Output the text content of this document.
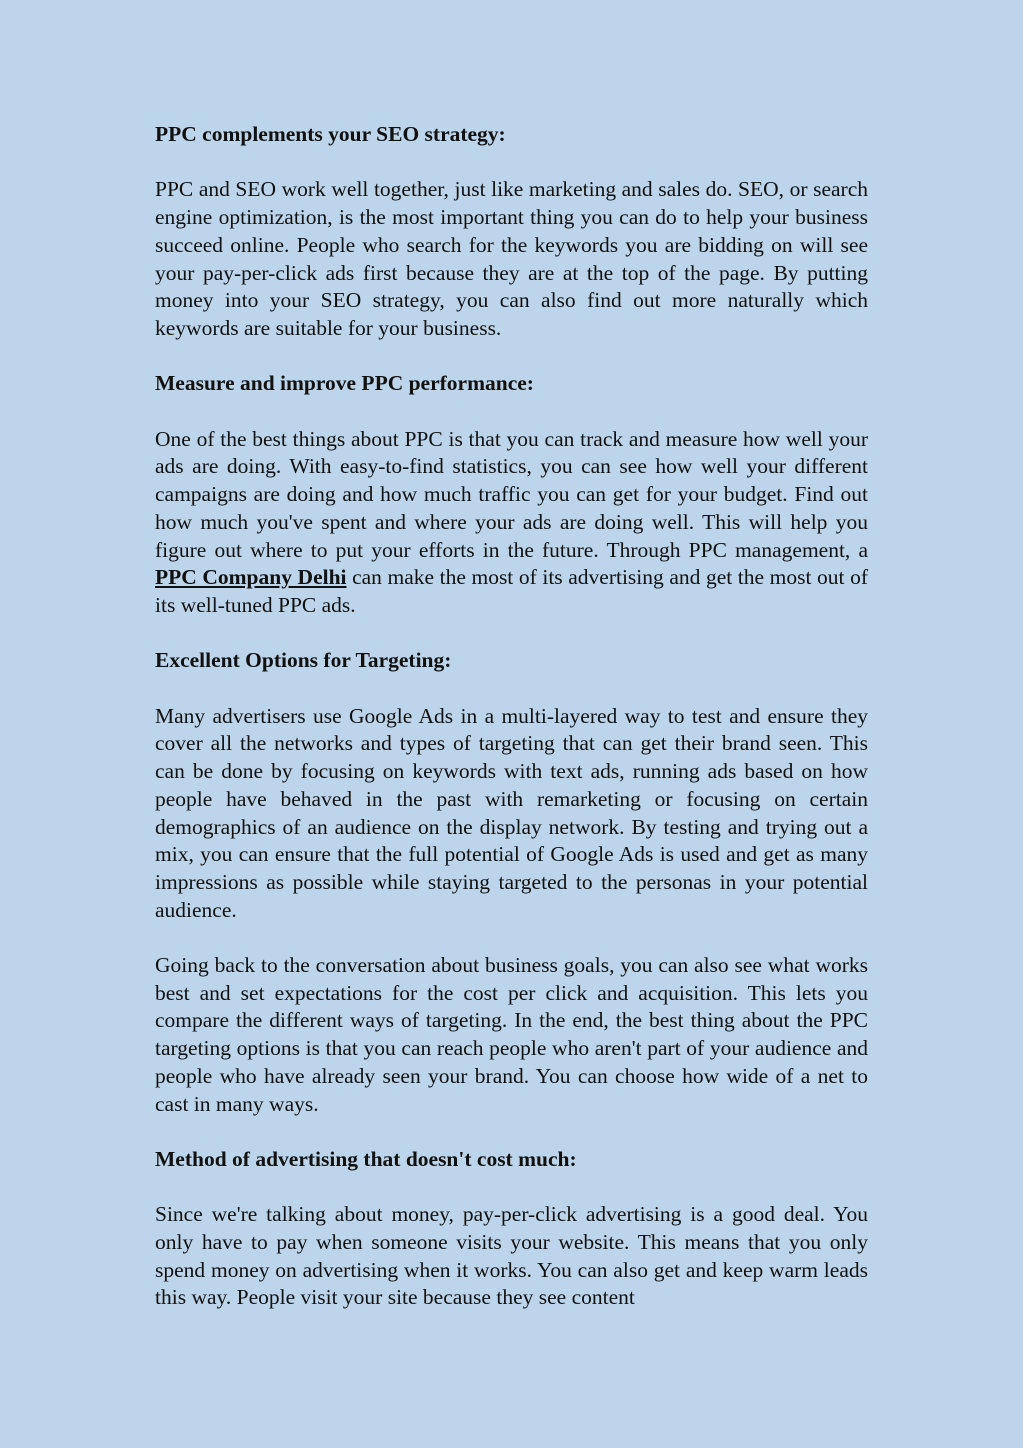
PPC complements your SEO strategy:
PPC and SEO work well together, just like marketing and sales do. SEO, or search engine optimization, is the most important thing you can do to help your business succeed online. People who search for the keywords you are bidding on will see your pay-per-click ads first because they are at the top of the page. By putting money into your SEO strategy, you can also find out more naturally which keywords are suitable for your business.
Measure and improve PPC performance:
One of the best things about PPC is that you can track and measure how well your ads are doing. With easy-to-find statistics, you can see how well your different campaigns are doing and how much traffic you can get for your budget. Find out how much you've spent and where your ads are doing well. This will help you figure out where to put your efforts in the future. Through PPC management, a PPC Company Delhi can make the most of its advertising and get the most out of its well-tuned PPC ads.
Excellent Options for Targeting:
Many advertisers use Google Ads in a multi-layered way to test and ensure they cover all the networks and types of targeting that can get their brand seen. This can be done by focusing on keywords with text ads, running ads based on how people have behaved in the past with remarketing or focusing on certain demographics of an audience on the display network. By testing and trying out a mix, you can ensure that the full potential of Google Ads is used and get as many impressions as possible while staying targeted to the personas in your potential audience.
Going back to the conversation about business goals, you can also see what works best and set expectations for the cost per click and acquisition. This lets you compare the different ways of targeting. In the end, the best thing about the PPC targeting options is that you can reach people who aren't part of your audience and people who have already seen your brand. You can choose how wide of a net to cast in many ways.
Method of advertising that doesn't cost much:
Since we're talking about money, pay-per-click advertising is a good deal. You only have to pay when someone visits your website. This means that you only spend money on advertising when it works. You can also get and keep warm leads this way. People visit your site because they see content
